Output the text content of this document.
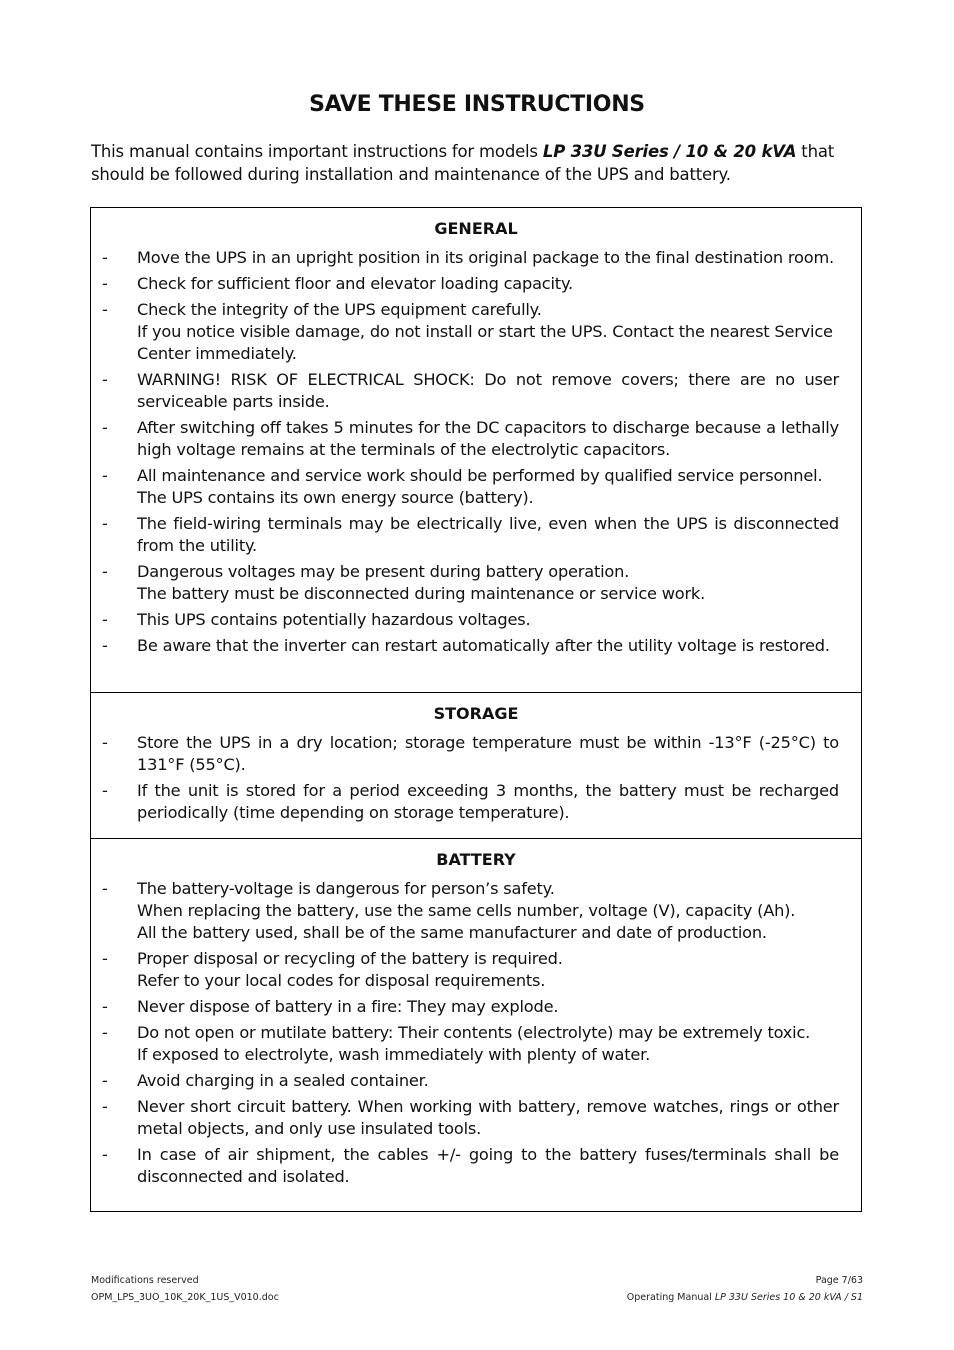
SAVE THESE INSTRUCTIONS
This manual contains important instructions for models LP 33U Series / 10 & 20 kVA that should be followed during installation and maintenance of the UPS and battery.
GENERAL
- Move the UPS in an upright position in its original package to the final destination room.
- Check for sufficient floor and elevator loading capacity.
- Check the integrity of the UPS equipment carefully.
If you notice visible damage, do not install or start the UPS. Contact the nearest Service Center immediately.
- WARNING! RISK OF ELECTRICAL SHOCK: Do not remove covers; there are no user serviceable parts inside.
- After switching off takes 5 minutes for the DC capacitors to discharge because a lethally high voltage remains at the terminals of the electrolytic capacitors.
- All maintenance and service work should be performed by qualified service personnel.
The UPS contains its own energy source (battery).
- The field-wiring terminals may be electrically live, even when the UPS is disconnected from the utility.
- Dangerous voltages may be present during battery operation.
The battery must be disconnected during maintenance or service work.
- This UPS contains potentially hazardous voltages.
- Be aware that the inverter can restart automatically after the utility voltage is restored.
STORAGE
- Store the UPS in a dry location; storage temperature must be within -13°F (-25°C) to 131°F (55°C).
- If the unit is stored for a period exceeding 3 months, the battery must be recharged periodically (time depending on storage temperature).
BATTERY
- The battery-voltage is dangerous for person’s safety.
When replacing the battery, use the same cells number, voltage (V), capacity (Ah).
All the battery used, shall be of the same manufacturer and date of production.
- Proper disposal or recycling of the battery is required.
Refer to your local codes for disposal requirements.
- Never dispose of battery in a fire: They may explode.
- Do not open or mutilate battery: Their contents (electrolyte) may be extremely toxic.
If exposed to electrolyte, wash immediately with plenty of water.
- Avoid charging in a sealed container.
- Never short circuit battery. When working with battery, remove watches, rings or other metal objects, and only use insulated tools.
- In case of air shipment, the cables +/- going to the battery fuses/terminals shall be disconnected and isolated.
Modifications reserved
OPM_LPS_3UO_10K_20K_1US_V010.doc
Page 7/63
Operating Manual LP 33U Series 10 & 20 kVA / S1
